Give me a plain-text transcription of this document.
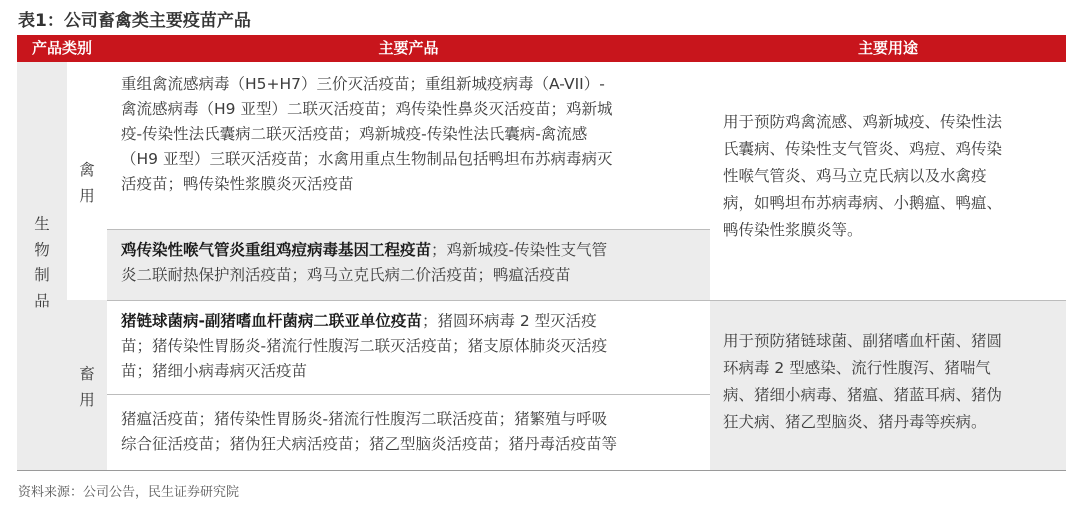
表1：公司畜禽类主要疫苗产品
产品类别	主要产品	主要用途
生
物
制
品
禽
用
畜
用
重组禽流感病毒（H5+H7）三价灭活疫苗；重组新城疫病毒（A-VII）-
禽流感病毒（H9 亚型）二联灭活疫苗；鸡传染性鼻炎灭活疫苗；鸡新城
疫-传染性法氏囊病二联灭活疫苗；鸡新城疫-传染性法氏囊病-禽流感
（H9 亚型）三联灭活疫苗；水禽用重点生物制品包括鸭坦布苏病毒病灭
活疫苗；鸭传染性浆膜炎灭活疫苗
鸡传染性喉气管炎重组鸡痘病毒基因工程疫苗；鸡新城疫-传染性支气管
炎二联耐热保护剂活疫苗；鸡马立克氏病二价活疫苗；鸭瘟活疫苗
用于预防鸡禽流感、鸡新城疫、传染性法
氏囊病、传染性支气管炎、鸡痘、鸡传染
性喉气管炎、鸡马立克氏病以及水禽疫
病，如鸭坦布苏病毒病、小鹅瘟、鸭瘟、
鸭传染性浆膜炎等。
猪链球菌病-副猪嗜血杆菌病二联亚单位疫苗；猪圆环病毒 2 型灭活疫
苗；猪传染性胃肠炎-猪流行性腹泻二联灭活疫苗；猪支原体肺炎灭活疫
苗；猪细小病毒病灭活疫苗
猪瘟活疫苗；猪传染性胃肠炎-猪流行性腹泻二联活疫苗；猪繁殖与呼吸
综合征活疫苗；猪伪狂犬病活疫苗；猪乙型脑炎活疫苗；猪丹毒活疫苗等
用于预防猪链球菌、副猪嗜血杆菌、猪圆
环病毒 2 型感染、流行性腹泻、猪喘气
病、猪细小病毒、猪瘟、猪蓝耳病、猪伪
狂犬病、猪乙型脑炎、猪丹毒等疾病。
资料来源：公司公告，民生证券研究院
